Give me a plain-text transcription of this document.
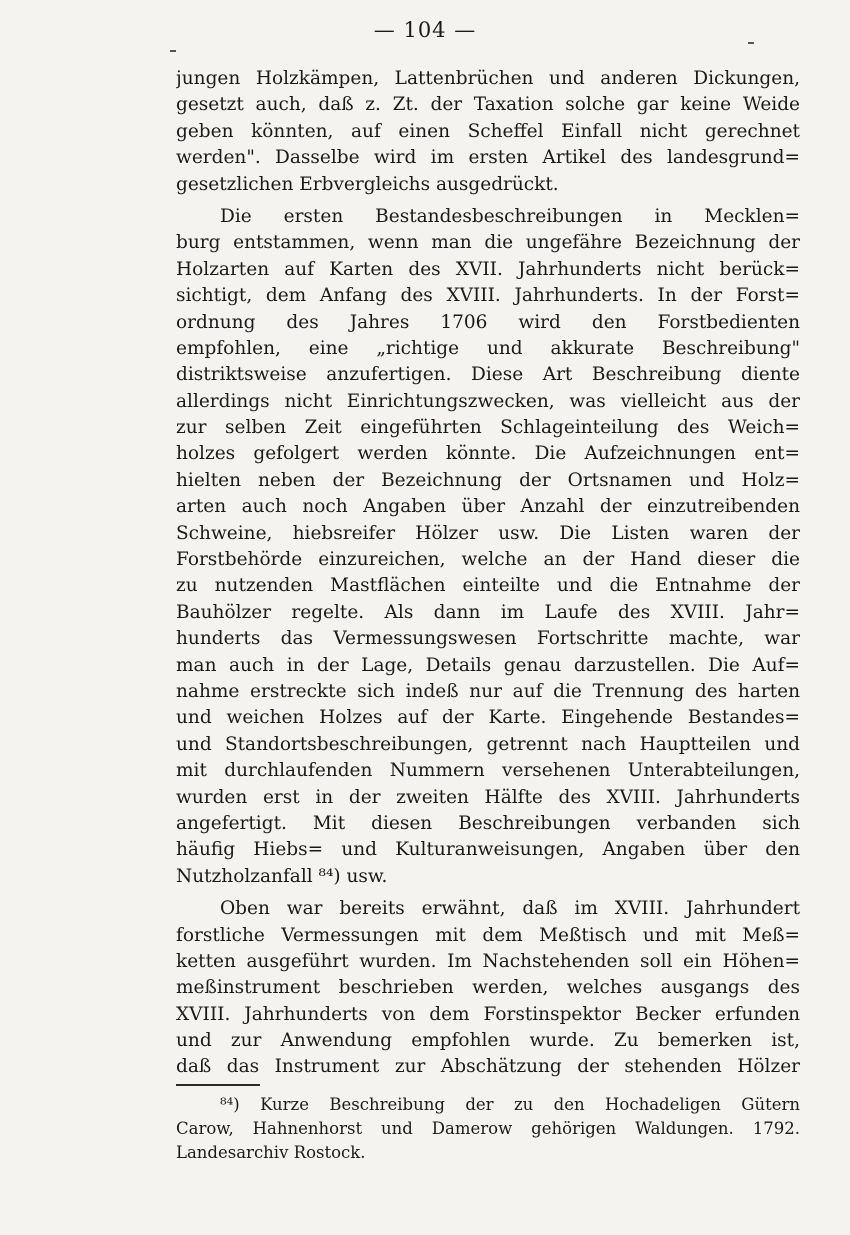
— 104 —
jungen Holzkämpen, Lattenbrüchen und anderen Dickungen,
gesetzt auch, daß z. Zt. der Taxation solche gar keine Weide
geben könnten, auf einen Scheffel Einfall nicht gerechnet
werden". Dasselbe wird im ersten Artikel des landesgrund=
gesetzlichen Erbvergleichs ausgedrückt.
Die ersten Bestandesbeschreibungen in Mecklen=
burg entstammen, wenn man die ungefähre Bezeichnung der
Holzarten auf Karten des XVII. Jahrhunderts nicht berück=
sichtigt, dem Anfang des XVIII. Jahrhunderts. In der Forst=
ordnung des Jahres 1706 wird den Forstbedienten
empfohlen, eine „richtige und akkurate Beschreibung"
distriktsweise anzufertigen. Diese Art Beschreibung diente
allerdings nicht Einrichtungszwecken, was vielleicht aus der
zur selben Zeit eingeführten Schlageinteilung des Weich=
holzes gefolgert werden könnte. Die Aufzeichnungen ent=
hielten neben der Bezeichnung der Ortsnamen und Holz=
arten auch noch Angaben über Anzahl der einzutreibenden
Schweine, hiebsreifer Hölzer usw. Die Listen waren der
Forstbehörde einzureichen, welche an der Hand dieser die
zu nutzenden Mastflächen einteilte und die Entnahme der
Bauhölzer regelte. Als dann im Laufe des XVIII. Jahr=
hunderts das Vermessungswesen Fortschritte machte, war
man auch in der Lage, Details genau darzustellen. Die Auf=
nahme erstreckte sich indeß nur auf die Trennung des harten
und weichen Holzes auf der Karte. Eingehende Bestandes=
und Standortsbeschreibungen, getrennt nach Hauptteilen und
mit durchlaufenden Nummern versehenen Unterabteilungen,
wurden erst in der zweiten Hälfte des XVIII. Jahrhunderts
angefertigt. Mit diesen Beschreibungen verbanden sich
häufig Hiebs= und Kulturanweisungen, Angaben über den
Nutzholzanfall ⁸⁴) usw.
Oben war bereits erwähnt, daß im XVIII. Jahrhundert
forstliche Vermessungen mit dem Meßtisch und mit Meß=
ketten ausgeführt wurden. Im Nachstehenden soll ein Höhen=
meßinstrument beschrieben werden, welches ausgangs des
XVIII. Jahrhunderts von dem Forstinspektor Becker erfunden
und zur Anwendung empfohlen wurde. Zu bemerken ist,
daß das Instrument zur Abschätzung der stehenden Hölzer
⁸⁴) Kurze Beschreibung der zu den Hochadeligen Gütern
Carow, Hahnenhorst und Damerow gehörigen Waldungen. 1792.
Landesarchiv Rostock.
